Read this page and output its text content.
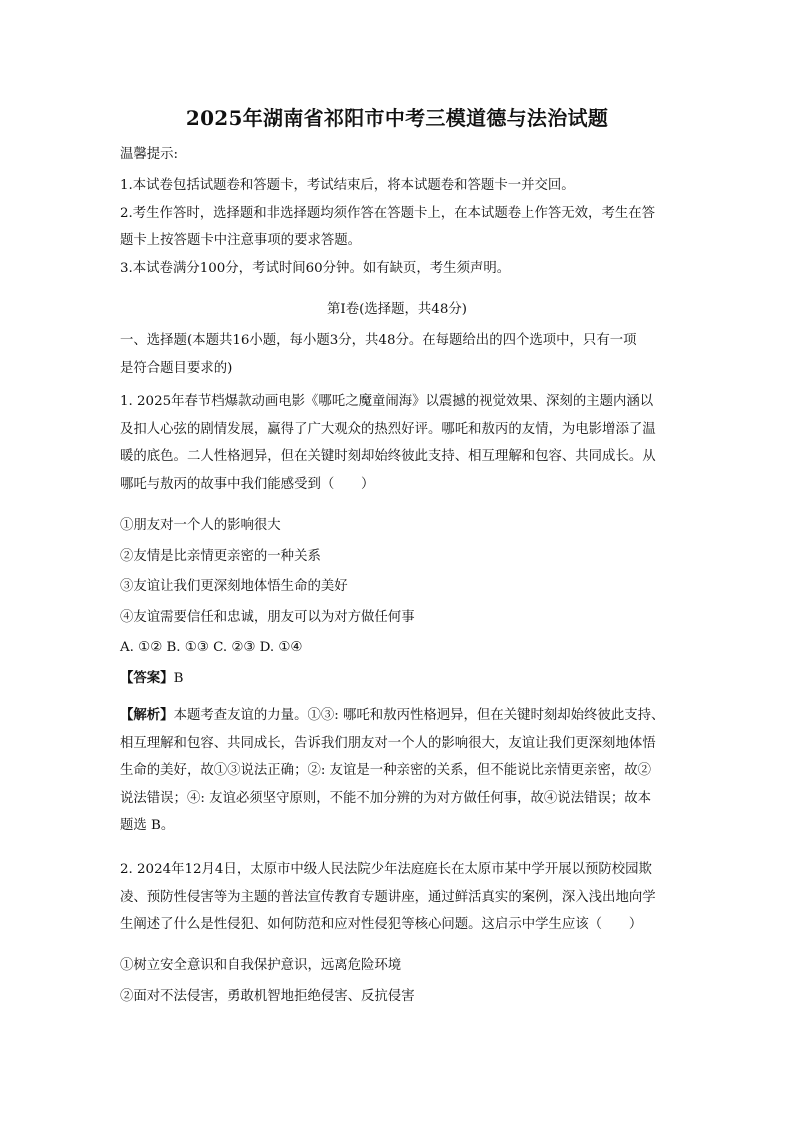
2025年湖南省祁阳市中考三模道德与法治试题
温馨提示:
1.本试卷包括试题卷和答题卡，考试结束后，将本试题卷和答题卡一并交回。
2.考生作答时，选择题和非选择题均须作答在答题卡上，在本试题卷上作答无效，考生在答
题卡上按答题卡中注意事项的要求答题。
3.本试卷满分100分，考试时间60分钟。如有缺页，考生须声明。
第Ⅰ卷(选择题，共48分)
一、选择题(本题共16小题，每小题3分，共48分。在每题给出的四个选项中，只有一项
是符合题目要求的)
1. 2025年春节档爆款动画电影《哪吒之魔童闹海》以震撼的视觉效果、深刻的主题内涵以
及扣人心弦的剧情发展，赢得了广大观众的热烈好评。哪吒和敖丙的友情，为电影增添了温
暖的底色。二人性格迥异，但在关键时刻却始终彼此支持、相互理解和包容、共同成长。从
哪吒与敖丙的故事中我们能感受到（　　）
①朋友对一个人的影响很大
②友情是比亲情更亲密的一种关系
③友谊让我们更深刻地体悟生命的美好
④友谊需要信任和忠诚，朋友可以为对方做任何事
A. ①② B. ①③ C. ②③ D. ①④
【答案】B
【解析】本题考查友谊的力量。①③: 哪吒和敖丙性格迥异，但在关键时刻却始终彼此支持、
相互理解和包容、共同成长，告诉我们朋友对一个人的影响很大，友谊让我们更深刻地体悟
生命的美好，故①③说法正确；②: 友谊是一种亲密的关系，但不能说比亲情更亲密，故②
说法错误；④: 友谊必须坚守原则，不能不加分辨的为对方做任何事，故④说法错误；故本
题选 B。
2. 2024年12月4日，太原市中级人民法院少年法庭庭长在太原市某中学开展以预防校园欺
凌、预防性侵害等为主题的普法宣传教育专题讲座，通过鲜活真实的案例，深入浅出地向学
生阐述了什么是性侵犯、如何防范和应对性侵犯等核心问题。这启示中学生应该（　　）
①树立安全意识和自我保护意识，远离危险环境
②面对不法侵害，勇敢机智地拒绝侵害、反抗侵害
